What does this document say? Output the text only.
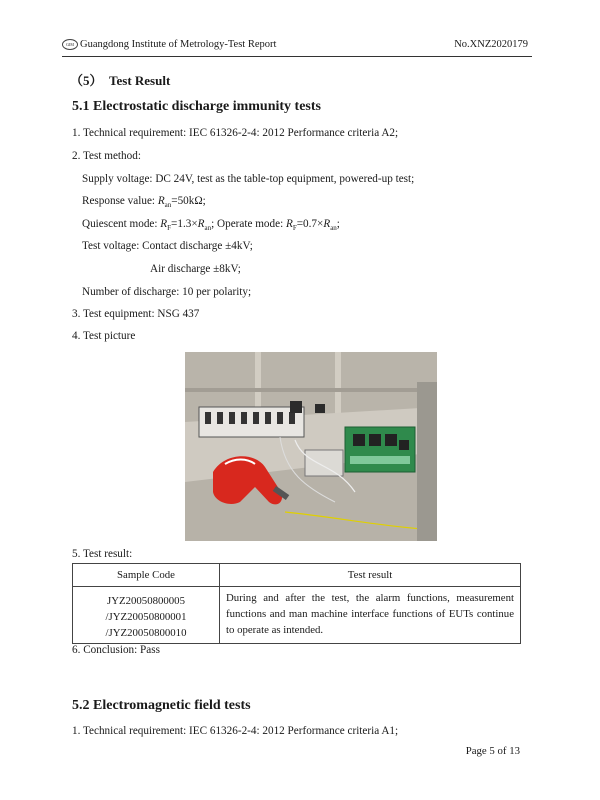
GIM Guangdong Institute of Metrology-Test Report	No.XNZ2020179
（5） Test Result
5.1 Electrostatic discharge immunity tests
1. Technical requirement: IEC 61326-2-4: 2012 Performance criteria A2;
2. Test method:
Supply voltage: DC 24V, test as the table-top equipment, powered-up test;
Response value: $R_{an}=50k\Omega$;
Quiescent mode: $R_F=1.3\times R_{an}$; Operate mode: $R_F=0.7\times R_{an}$;
Test voltage: Contact discharge ±4kV;
Air discharge ±8kV;
Number of discharge: 10 per polarity;
3. Test equipment: NSG 437
4. Test picture
5. Test result:
Sample Code	Test result

JYZ20050800005
/JYZ20050800001
/JYZ20050800010	During and after the test, the alarm functions, measurement functions and man machine interface functions of EUTs continue to operate as intended.
6. Conclusion: Pass
5.2 Electromagnetic field tests
1. Technical requirement: IEC 61326-2-4: 2012 Performance criteria A1;
Page 5 of 13
